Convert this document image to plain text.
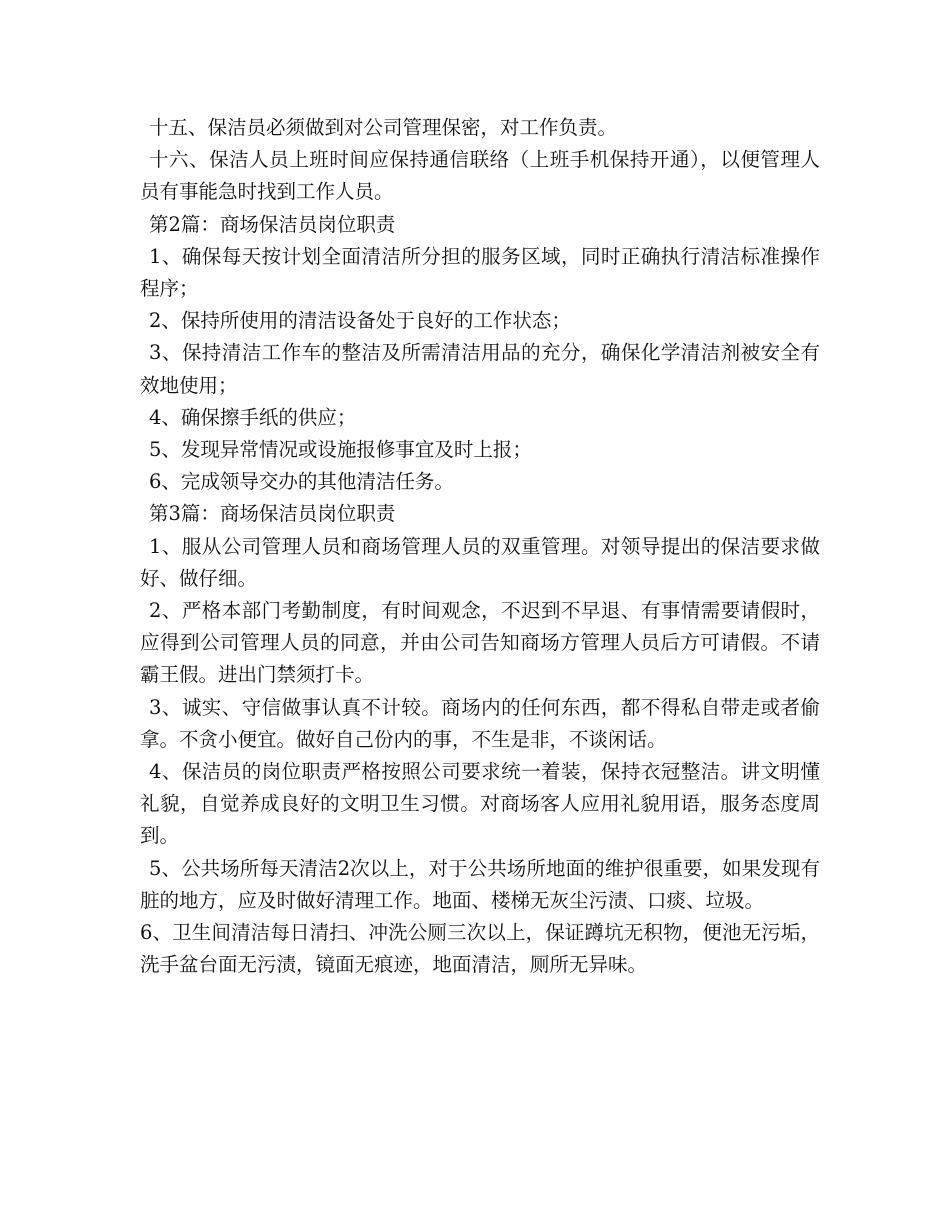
十五、保洁员必须做到对公司管理保密，对工作负责。

十六、保洁人员上班时间应保持通信联络（上班手机保持开通），以便管理人员有事能急时找到工作人员。

第2篇：商场保洁员岗位职责

1、确保每天按计划全面清洁所分担的服务区域，同时正确执行清洁标准操作程序；

2、保持所使用的清洁设备处于良好的工作状态；

3、保持清洁工作车的整洁及所需清洁用品的充分，确保化学清洁剂被安全有效地使用；

4、确保擦手纸的供应；

5、发现异常情况或设施报修事宜及时上报；

6、完成领导交办的其他清洁任务。

第3篇：商场保洁员岗位职责

1、服从公司管理人员和商场管理人员的双重管理。对领导提出的保洁要求做好、做仔细。

2、严格本部门考勤制度，有时间观念，不迟到不早退、有事情需要请假时，应得到公司管理人员的同意，并由公司告知商场方管理人员后方可请假。不请霸王假。进出门禁须打卡。

3、诚实、守信做事认真不计较。商场内的任何东西，都不得私自带走或者偷拿。不贪小便宜。做好自己份内的事，不生是非，不谈闲话。

4、保洁员的岗位职责严格按照公司要求统一着装，保持衣冠整洁。讲文明懂礼貌，自觉养成良好的文明卫生习惯。对商场客人应用礼貌用语，服务态度周到。

5、公共场所每天清洁2次以上，对于公共场所地面的维护很重要，如果发现有脏的地方，应及时做好清理工作。地面、楼梯无灰尘污渍、口痰、垃圾。

6、卫生间清洁每日清扫、冲洗公厕三次以上，保证蹲坑无积物，便池无污垢，洗手盆台面无污渍，镜面无痕迹，地面清洁，厕所无异味。
